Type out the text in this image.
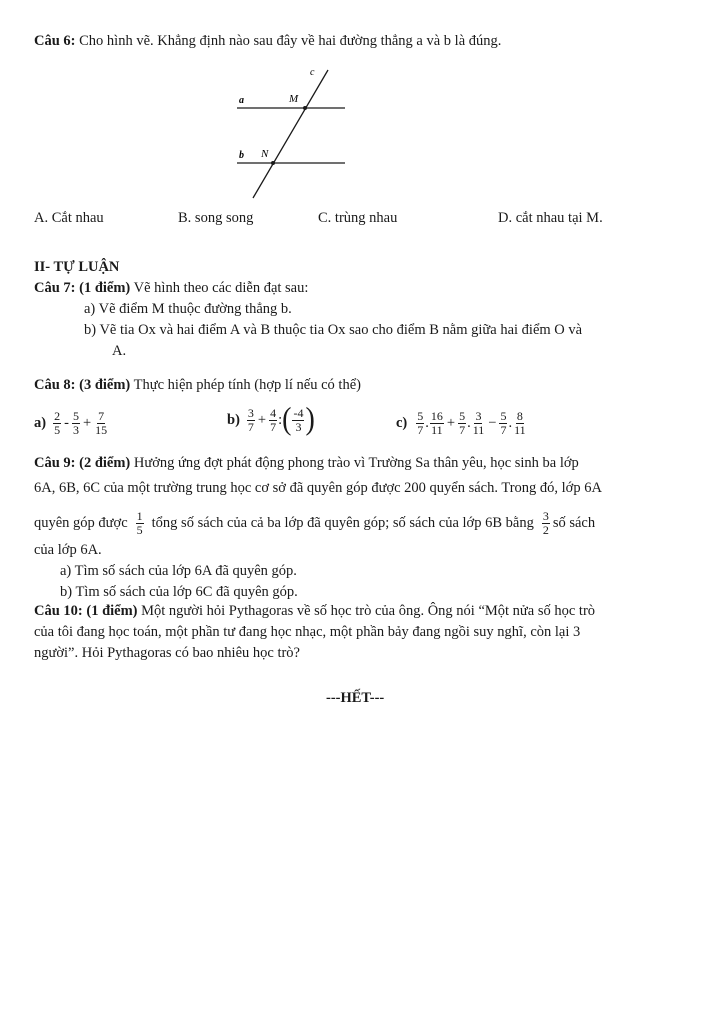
Câu 6: Cho hình vẽ. Khẳng định nào sau đây về hai đường thẳng a và b là đúng.
c
a	M
b N
A. Cắt nhau	B. song song	C. trùng nhau	D. cắt nhau tại M.
II- TỰ LUẬN
Câu 7: (1 điểm) Vẽ hình theo các diễn đạt sau:
a) Vẽ điểm M thuộc đường thẳng b.
b) Vẽ tia Ox và hai điểm A và B thuộc tia Ox sao cho điểm B nằm giữa hai điểm O và
A.
Câu 8: (3 điểm) Thực hiện phép tính (hợp lí nếu có thể)
$a) \frac{2}{5} - \frac{5}{3} + \frac{7}{15}$	$b) \frac{3}{7} + \frac{4}{7}$ : ( $\frac{-4}{3}$ )	$c) \frac{5}{7}$ . $\frac{16}{11} + \frac{5}{7}$ . $\frac{3}{11} - \frac{5}{7}$ . $\frac{8}{11}$
Câu 9: (2 điểm) Hưởng ứng đợt phát động phong trào vì Trường Sa thân yêu, học sinh ba lớp
6A, 6B, 6C của một trường trung học cơ sở đã quyên góp được 200 quyển sách. Trong đó, lớp 6A
quyên góp được $\frac{1}{5}$ tổng số sách của cả ba lớp đã quyên góp; số sách của lớp 6B bằng $\frac{3}{2}$ số sách
của lớp 6A.
a) Tìm số sách của lớp 6A đã quyên góp.
b) Tìm số sách của lớp 6C đã quyên góp.
Câu 10: (1 điểm) Một người hỏi Pythagoras về số học trò của ông. Ông nói “Một nửa số học trò
của tôi đang học toán, một phần tư đang học nhạc, một phần bảy đang ngồi suy nghĩ, còn lại 3
người”. Hỏi Pythagoras có bao nhiêu học trò?
---HẾT---
